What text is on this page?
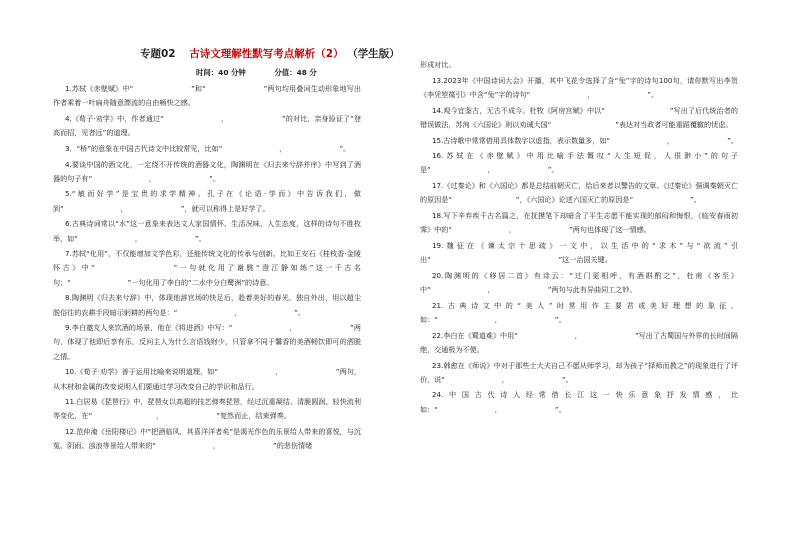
专题02 古诗文理解性默写考点解析（2） （学生版）
时间：40 分钟	分值：48 分

1.苏轼《赤壁赋》中“　　　　　　　　”和“　　　　　　　　”两句均用叠词生动形象地写出作者乘着一叶扁舟随意漂流的自由畅快之感。

4.《荀子·劝学》中，作者通过“　　　　　　　　，　　　　　　　　”的对比，亲身验证了“登高而招，见者远”的道理。

3．“桥”的意象在中国古代诗文中比较常见，比如“　　　　　　　　，　　　　　　　　”。

4.要谈中国的酒文化，一定绕不开传统的酒器文化，陶渊明在《归去来兮辞并序》中写到了酒器的句子有“　　　　　　　　，　　　　　　　　”。

5.“敏而好学”是宝贵的求学精神。孔子在《论语·学而》中告诉我们，做到“　　　　　　　　，　　　　　　　　”，就可以称得上是好学了。

6.古典诗词常以“水”这一意象来表达文人家国情怀、生活况味、人生态度，这样的诗句不胜枚举，如“　　　　　　　　，　　　　　　　　”。

7.苏轼“化用”，不仅能增加文学色彩，还能传统文化的传承与创新。比如王安石《桂枝香·金陵怀古》中“　　　　　　　　”一句就化用了谢朓“澄江静如练”这一千古名句；“　　　　　　　　”一句化用了李白的“二水中分白鹭洲”的诗意。

8.陶渊明《归去来兮辞》中，体现他辞官场的快足后，趁着美好的春光，独自外出，用以超尘脱俗往的农耕手段暗示躬耕的两句是：“　　　　　　　　，　　　　　　　　”。

9.李白邀友人来饮酒的场景，他在《将进酒》中写：“　　　　　　　　，　　　　　　　　”两句，体现了他即后享有乐，反问主人为什么言语钱财少，只管拿不同于馨香的美酒畅饮即可的洒脱之情。

10.《荀子·劝学》善于运用比喻来说明道理，如“　　　　　　　　，　　　　　　　　”两句，从木材和金属的改变说明人们要通过学习改变自己的学识和品行。

11.白居易《琵琶行》中，琵琶女以高超的技艺弹奏琵琶，经过沉重凝结、清脆圆润、轻快流利等变化，在“　　　　　　　　　，　　　　　　　　”复然而止，结束弹奏。

12.范仲淹《岳阳楼记》中“把酒临风，其喜洋洋者矣”是渴光作色的乐景给人带来的喜悦，与沉冤、阴雨、浊浪等景给人带来的“　　　　　　　　，　　　　　　　　”的悲伤情绪

形成对比。

13.2023年《中国诗词大会》开播，其中飞花令选择了含“兔”字的诗句100句，请你默写出李贺《李凭箜篌引》中含“兔”字的诗句“　　　　　　　　，　　　　　　　　”。

14.观今宜鉴古，无古不成今。杜牧《阿房宫赋》中以“　　　　　　　　　”写出了后代统治者的错误做法，苏洵《六国论》则以劝诫大国“　　　　　　　　　”表达对当政者可能重蹈覆辙的忧虑。

15.古诗歌中常常借用具体数字以虚指，表示数量多，如“　　　　　　　　，　　　　　　　　”。

16.苏轼在《赤壁赋》中用比喻手法慨叹“人生短促，人很渺小”的句子是“　　　　　　　　，　　　　　　　　”。

17.《过秦论》和《六国论》都是总结前朝灭亡，给后来者以警告的文章。《过秦论》强调秦朝灭亡的原因是“　　　　　　　　　”，《六国论》论述六国灭亡的原因是“　　　　　　　　”。

18.写下辛弃疾千古名篇之，在抚摸笔下却暗含了平生志愿不能实现的郁闷和悔恨，《临安春雨初霁》中的“　　　　　　　　，　　　　　　　　”两句也体现了这一情感。

19.魏征在《谏太宗十思疏》一文中，以生活中的“求木”与“欲流”引出“　　　　　　　　　　　　　　　　　　”这一治国关键。

20.陶渊明的《移居二首》有诗云：“过门更相呼，有酒斟酌之”，杜甫《客至》中“　　　　　　　　，　　　　　　　　”两句与此有异曲同工之妙。

21.古典诗文中的“美人”时常用作主要君或美好理想的象征，如：“　　　　　　　　，　　　　　　　　”。

22.李白在《蜀道难》中用“　　　　　　　　，　　　　　　　　”写出了古蜀国与外界的长时间隔绝，交通极为不便。

23.韩愈在《师说》中对于那些士大夫自己不愿从师学习，却为孩子“择师而教之”的现象进行了评价，说“　　　　　　　　，　　　　　　　　”。

24.中国古代诗人经常借长江这一快乐意象抒发情感，比如：“　　　　　　　　，　　　　　　　　”。
